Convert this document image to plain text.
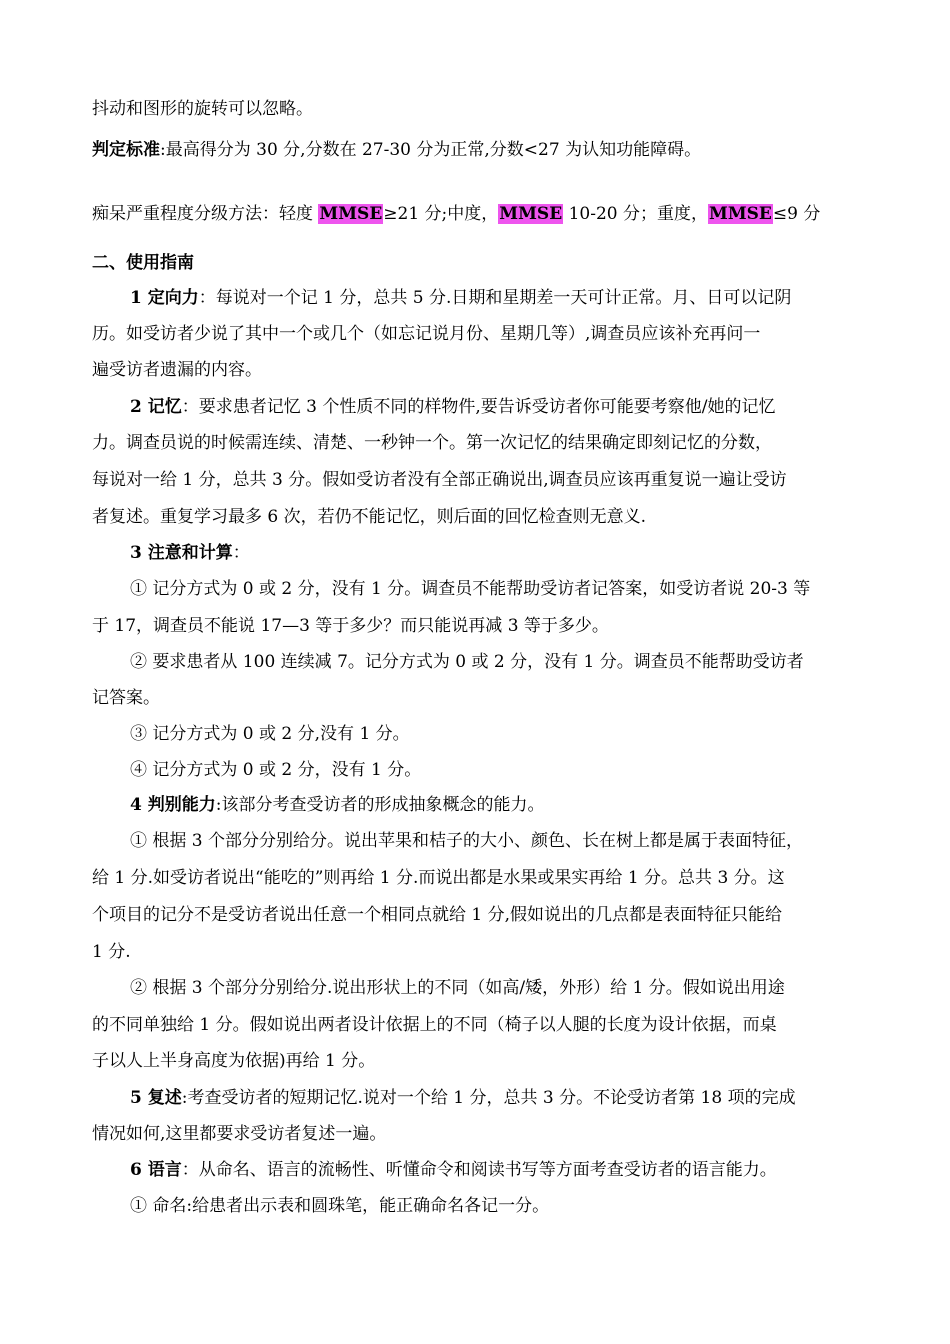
抖动和图形的旋转可以忽略。
判定标准:最高得分为 30 分,分数在 27-30 分为正常,分数<27 为认知功能障碍。
痴呆严重程度分级方法：轻度 MMSE≥21 分;中度，MMSE 10-20 分；重度，MMSE≤9 分
二、使用指南
1 定向力：每说对一个记 1 分，总共 5 分.日期和星期差一天可计正常。月、日可以记阴
历。如受访者少说了其中一个或几个（如忘记说月份、星期几等）,调查员应该补充再问一
遍受访者遗漏的内容。
2 记忆：要求患者记忆 3 个性质不同的样物件,要告诉受访者你可能要考察他/她的记忆
力。调查员说的时候需连续、清楚、一秒钟一个。第一次记忆的结果确定即刻记忆的分数，
每说对一给 1 分，总共 3 分。假如受访者没有全部正确说出,调查员应该再重复说一遍让受访
者复述。重复学习最多 6 次，若仍不能记忆，则后面的回忆检查则无意义.
3 注意和计算：
① 记分方式为 0 或 2 分，没有 1 分。调查员不能帮助受访者记答案，如受访者说 20-3 等
于 17，调查员不能说 17—3 等于多少？而只能说再减 3 等于多少。
② 要求患者从 100 连续减 7。记分方式为 0 或 2 分，没有 1 分。调查员不能帮助受访者
记答案。
③ 记分方式为 0 或 2 分,没有 1 分。
④ 记分方式为 0 或 2 分，没有 1 分。
4 判别能力:该部分考查受访者的形成抽象概念的能力。
① 根据 3 个部分分别给分。说出苹果和桔子的大小、颜色、长在树上都是属于表面特征，
给 1 分.如受访者说出“能吃的”则再给 1 分.而说出都是水果或果实再给 1 分。总共 3 分。这
个项目的记分不是受访者说出任意一个相同点就给 1 分,假如说出的几点都是表面特征只能给
1 分.
② 根据 3 个部分分别给分.说出形状上的不同（如高/矮，外形）给 1 分。假如说出用途
的不同单独给 1 分。假如说出两者设计依据上的不同（椅子以人腿的长度为设计依据，而桌
子以人上半身高度为依据)再给 1 分。
5 复述:考查受访者的短期记忆.说对一个给 1 分，总共 3 分。不论受访者第 18 项的完成
情况如何,这里都要求受访者复述一遍。
6 语言：从命名、语言的流畅性、听懂命令和阅读书写等方面考查受访者的语言能力。
① 命名:给患者出示表和圆珠笔，能正确命名各记一分。
